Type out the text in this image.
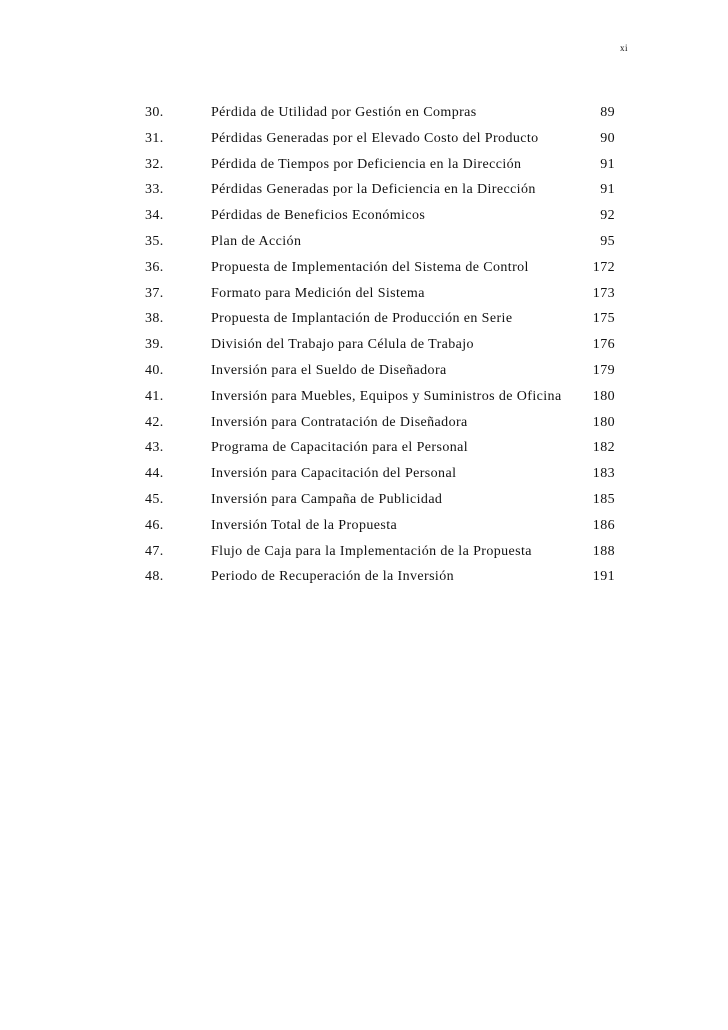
xi
30.	Pérdida de Utilidad por Gestión en Compras	89
31.	Pérdidas Generadas por el Elevado Costo del Producto	90
32.	Pérdida de Tiempos por Deficiencia en la Dirección	91
33.	Pérdidas Generadas por la Deficiencia en la Dirección	91
34.	Pérdidas de Beneficios Económicos	92
35.	Plan de Acción	95
36.	Propuesta de Implementación del Sistema de Control	172
37.	Formato para Medición del Sistema	173
38.	Propuesta de Implantación de Producción en Serie	175
39.	División del Trabajo para Célula de Trabajo	176
40.	Inversión para el Sueldo de Diseñadora	179
41.	Inversión para Muebles, Equipos y Suministros de Oficina 180
42.	Inversión para Contratación de Diseñadora	180
43.	Programa de Capacitación para el Personal	182
44.	Inversión para Capacitación del Personal	183
45.	Inversión para Campaña de Publicidad	185
46.	Inversión Total de la Propuesta	186
47.	Flujo de Caja para la Implementación de la Propuesta	188
48.	Periodo de Recuperación de la Inversión	191
